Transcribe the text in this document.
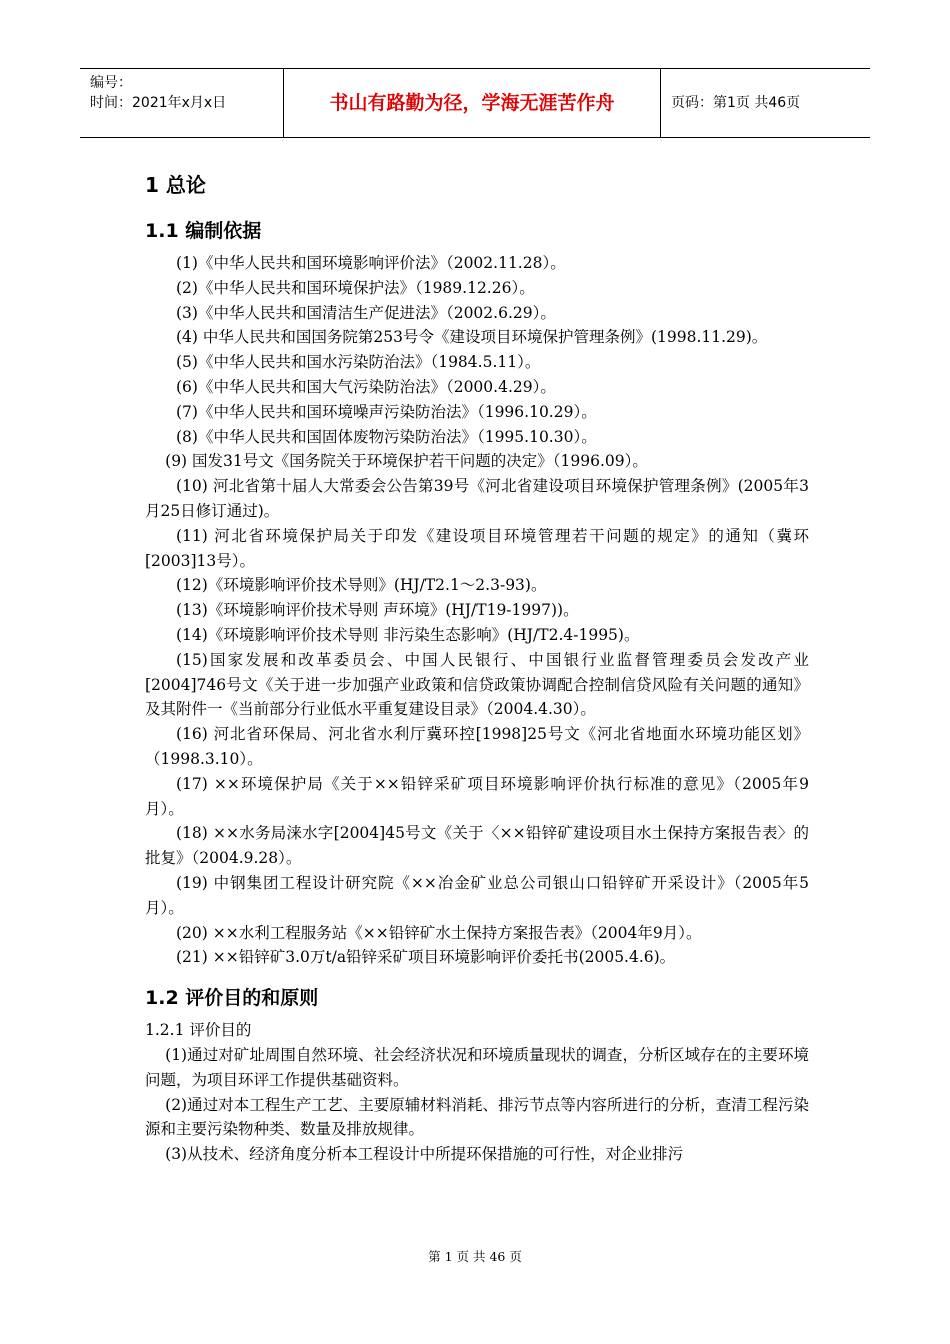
编号：
时间：2021年x月x日	书山有路勤为径，学海无涯苦作舟	页码：第1页 共46页
1 总论
1.1 编制依据

(1)《中华人民共和国环境影响评价法》（2002.11.28）。

(2)《中华人民共和国环境保护法》（1989.12.26）。

(3)《中华人民共和国清洁生产促进法》（2002.6.29）。

(4) 中华人民共和国国务院第253号令《建设项目环境保护管理条例》(1998.11.29)。

(5)《中华人民共和国水污染防治法》（1984.5.11）。

(6)《中华人民共和国大气污染防治法》（2000.4.29）。

(7)《中华人民共和国环境噪声污染防治法》（1996.10.29）。

(8)《中华人民共和国固体废物污染防治法》（1995.10.30）。

(9) 国发31号文《国务院关于环境保护若干问题的决定》（1996.09）。

(10) 河北省第十届人大常委会公告第39号《河北省建设项目环境保护管理条例》(2005年3月25日修订通过)。

(11) 河北省环境保护局关于印发《建设项目环境管理若干问题的规定》的通知（冀环[2003]13号）。

(12)《环境影响评价技术导则》(HJ/T2.1～2.3-93)。

(13)《环境影响评价技术导则 声环境》(HJ/T19-1997))。

(14)《环境影响评价技术导则 非污染生态影响》(HJ/T2.4-1995)。

(15)国家发展和改革委员会、中国人民银行、中国银行业监督管理委员会发改产业[2004]746号文《关于进一步加强产业政策和信贷政策协调配合控制信贷风险有关问题的通知》及其附件一《当前部分行业低水平重复建设目录》（2004.4.30）。

(16) 河北省环保局、河北省水利厅冀环控[1998]25号文《河北省地面水环境功能区划》（1998.3.10）。

(17) ××环境保护局《关于××铅锌采矿项目环境影响评价执行标准的意见》（2005年9月）。

(18) ××水务局涞水字[2004]45号文《关于〈××铅锌矿建设项目水土保持方案报告表〉的批复》（2004.9.28）。

(19) 中钢集团工程设计研究院《××冶金矿业总公司银山口铅锌矿开采设计》（2005年5月）。

(20) ××水利工程服务站《××铅锌矿水土保持方案报告表》（2004年9月）。

(21) ××铅锌矿3.0万t/a铅锌采矿项目环境影响评价委托书(2005.4.6)。

1.2 评价目的和原则

1.2.1 评价目的

(1)通过对矿址周围自然环境、社会经济状况和环境质量现状的调查，分析区域存在的主要环境问题，为项目环评工作提供基础资料。

(2)通过对本工程生产工艺、主要原辅材料消耗、排污节点等内容所进行的分析，查清工程污染源和主要污染物种类、数量及排放规律。

(3)从技术、经济角度分析本工程设计中所提环保措施的可行性，对企业排污

第 1 页 共 46 页
